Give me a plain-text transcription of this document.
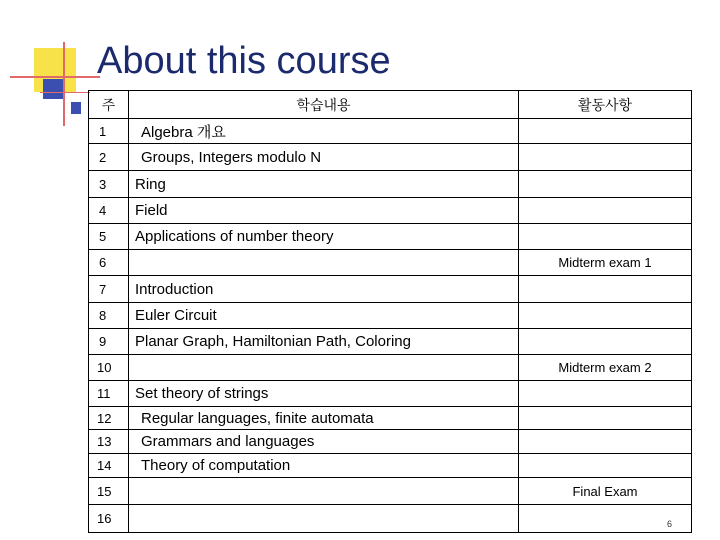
About this course
주	학습내용	활동사항
1	Algebra 개요	
2	Groups, Integers modulo N	
3	Ring	
4	Field	
5	Applications of number theory	
6		Midterm exam 1
7	Introduction	
8	Euler Circuit	
9	Planar Graph, Hamiltonian Path, Coloring	
10		Midterm exam 2
11	Set theory of strings	
12	Regular languages, finite automata	
13	Grammars and languages	
14	Theory of computation	
15		Final Exam
16			6
